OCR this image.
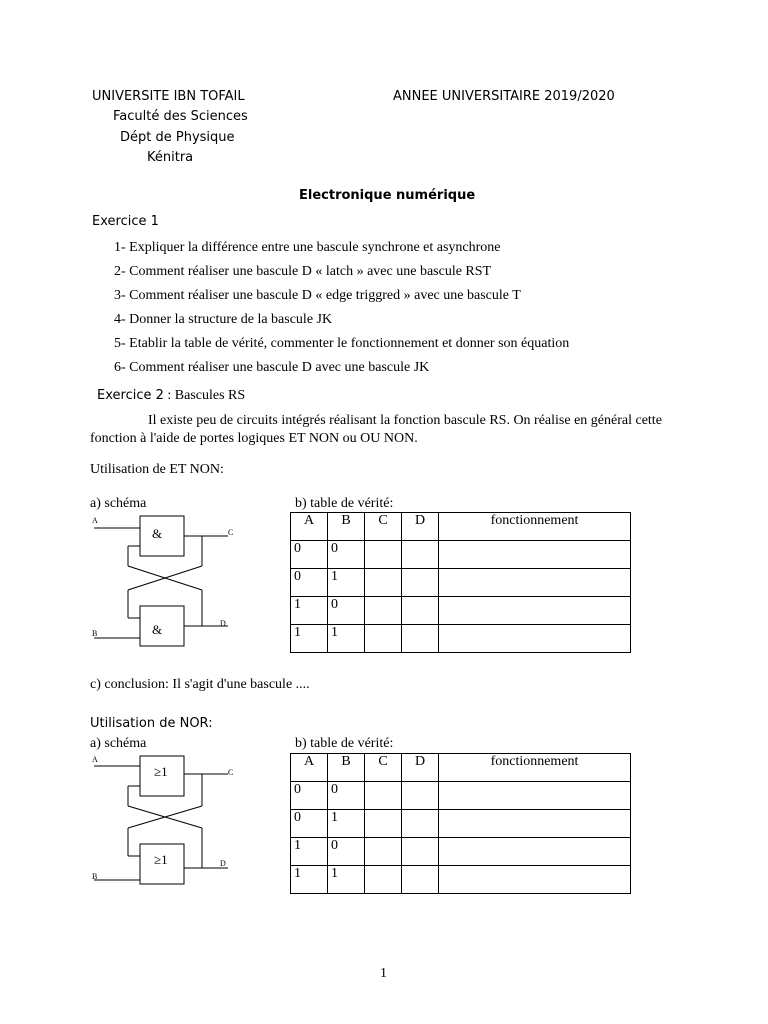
UNIVERSITE IBN TOFAIL	ANNEE UNIVERSITAIRE 2019/2020
Faculté des Sciences
Dépt de Physique
Kénitra
Electronique numérique
Exercice 1
1- Expliquer la différence entre une bascule synchrone et asynchrone
2- Comment réaliser une bascule D « latch » avec une bascule RST
3- Comment réaliser une bascule D « edge triggred » avec une bascule T
4- Donner la structure de la bascule JK
5- Etablir la table de vérité, commenter le fonctionnement et donner son équation
6- Comment réaliser une bascule D avec une bascule JK
Exercice 2 : Bascules RS
Il existe peu de circuits intégrés réalisant la fonction bascule RS. On réalise en général cette fonction à l'aide de portes logiques ET NON ou OU NON.
Utilisation de ET NON:
a) schéma	b) table de vérité:
&
&
A
C
B
D
A	B	C	D	fonctionnement
0	0			
0	1			
1	0			
1	1			
c) conclusion: Il s'agit d'une bascule ....
Utilisation de NOR:
a) schéma	b) table de vérité:
≥1
≥1
A
C
B
D
A	B	C	D	fonctionnement
0	0			
0	1			
1	0			
1	1			
1
